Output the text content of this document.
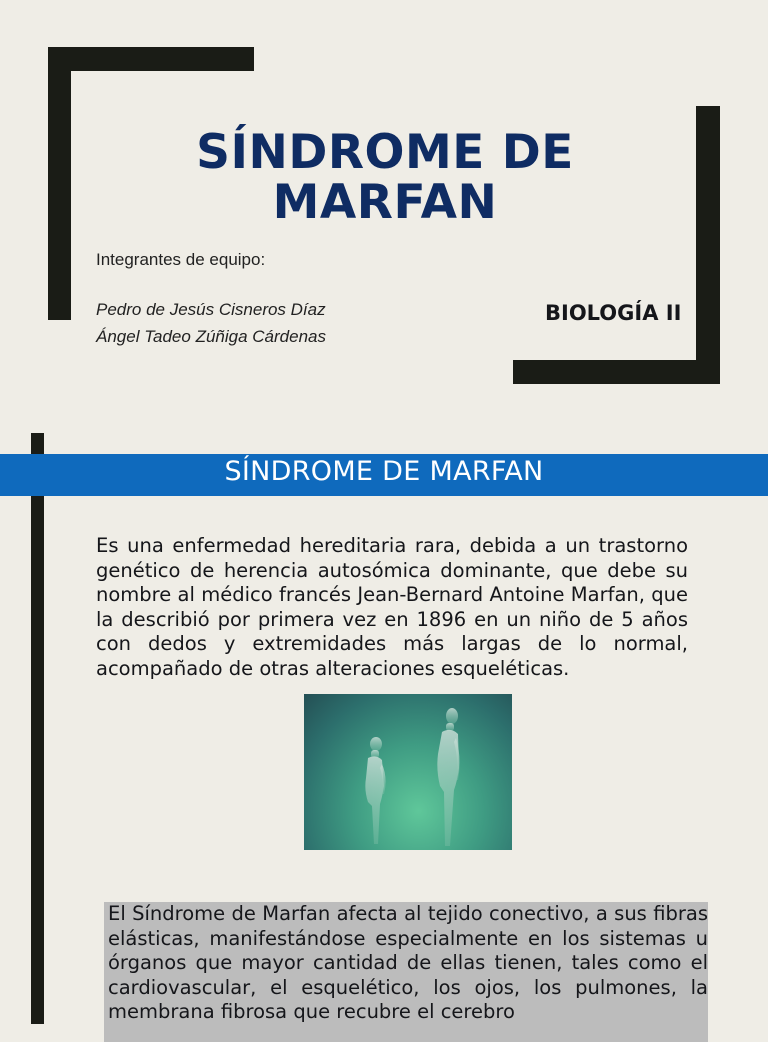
SÍNDROME DE MARFAN
Integrantes de equipo:
Pedro de Jesús Cisneros Díaz
Ángel Tadeo Zúñiga Cárdenas
BIOLOGÍA II
SÍNDROME DE MARFAN
Es una enfermedad hereditaria rara, debida a un trastorno genético de herencia autosómica dominante, que debe su nombre al médico francés Jean-Bernard Antoine Marfan, que la describió por primera vez en 1896 en un niño de 5 años con dedos y extremidades más largas de lo normal, acompañado de otras alteraciones esqueléticas.
El Síndrome de Marfan afecta al tejido conectivo, a sus fibras elásticas, manifestándose especialmente en los sistemas u órganos que mayor cantidad de ellas tienen, tales como el cardiovascular, el esquelético, los ojos, los pulmones, la membrana fibrosa que recubre el cerebro
